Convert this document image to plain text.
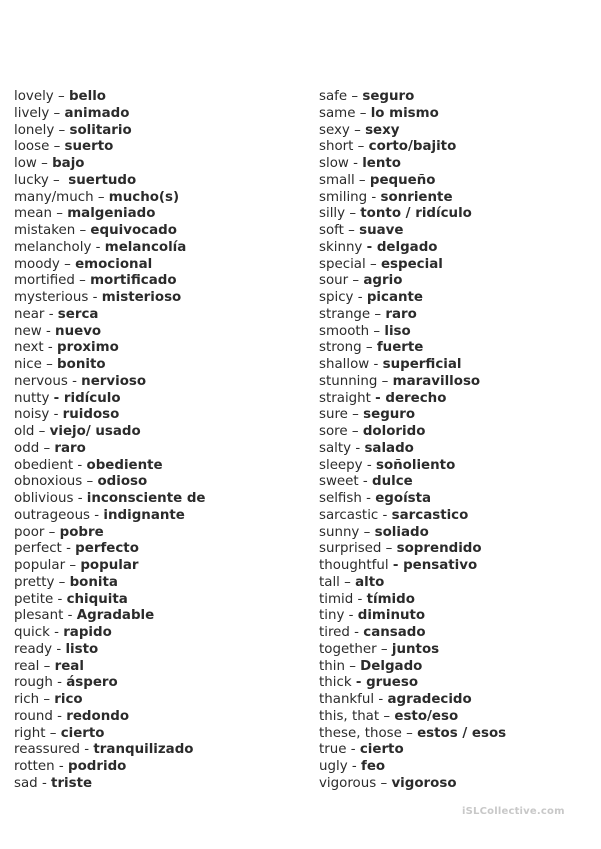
lovely – bello
lively – animado
lonely – solitario
loose – suerto
low – bajo
lucky –  suertudo
many/much – mucho(s)
mean – malgeniado
mistaken – equivocado
melancholy - melancolía
moody – emocional
mortified – mortificado
mysterious - misterioso
near - serca
new - nuevo
next - proximo
nice – bonito
nervous - nervioso
nutty - ridículo
noisy - ruidoso
old – viejo/ usado
odd – raro
obedient - obediente
obnoxious – odioso
oblivious - inconsciente de
outrageous - indignante
poor – pobre
perfect - perfecto
popular – popular
pretty – bonita
petite - chiquita
plesant - Agradable
quick - rapido
ready - listo
real – real
rough - áspero
rich – rico
round - redondo
right – cierto
reassured - tranquilizado
rotten - podrido
sad - triste
safe – seguro
same – lo mismo
sexy – sexy
short – corto/bajito
slow - lento
small – pequeño
smiling - sonriente
silly – tonto / ridículo
soft – suave
skinny - delgado
special – especial
sour – agrio
spicy - picante
strange – raro
smooth – liso
strong – fuerte
shallow - superficial
stunning – maravilloso
straight - derecho
sure – seguro
sore – dolorido
salty - salado
sleepy - soñoliento
sweet - dulce
selfish - egoísta
sarcastic - sarcastico
sunny – soliado
surprised – soprendido
thoughtful - pensativo
tall – alto
timid - tímido
tiny - diminuto
tired - cansado
together – juntos
thin – Delgado
thick - grueso
thankful - agradecido
this, that – esto/eso
these, those – estos / esos
true - cierto
ugly - feo
vigorous – vigoroso
iSLCollective.com
